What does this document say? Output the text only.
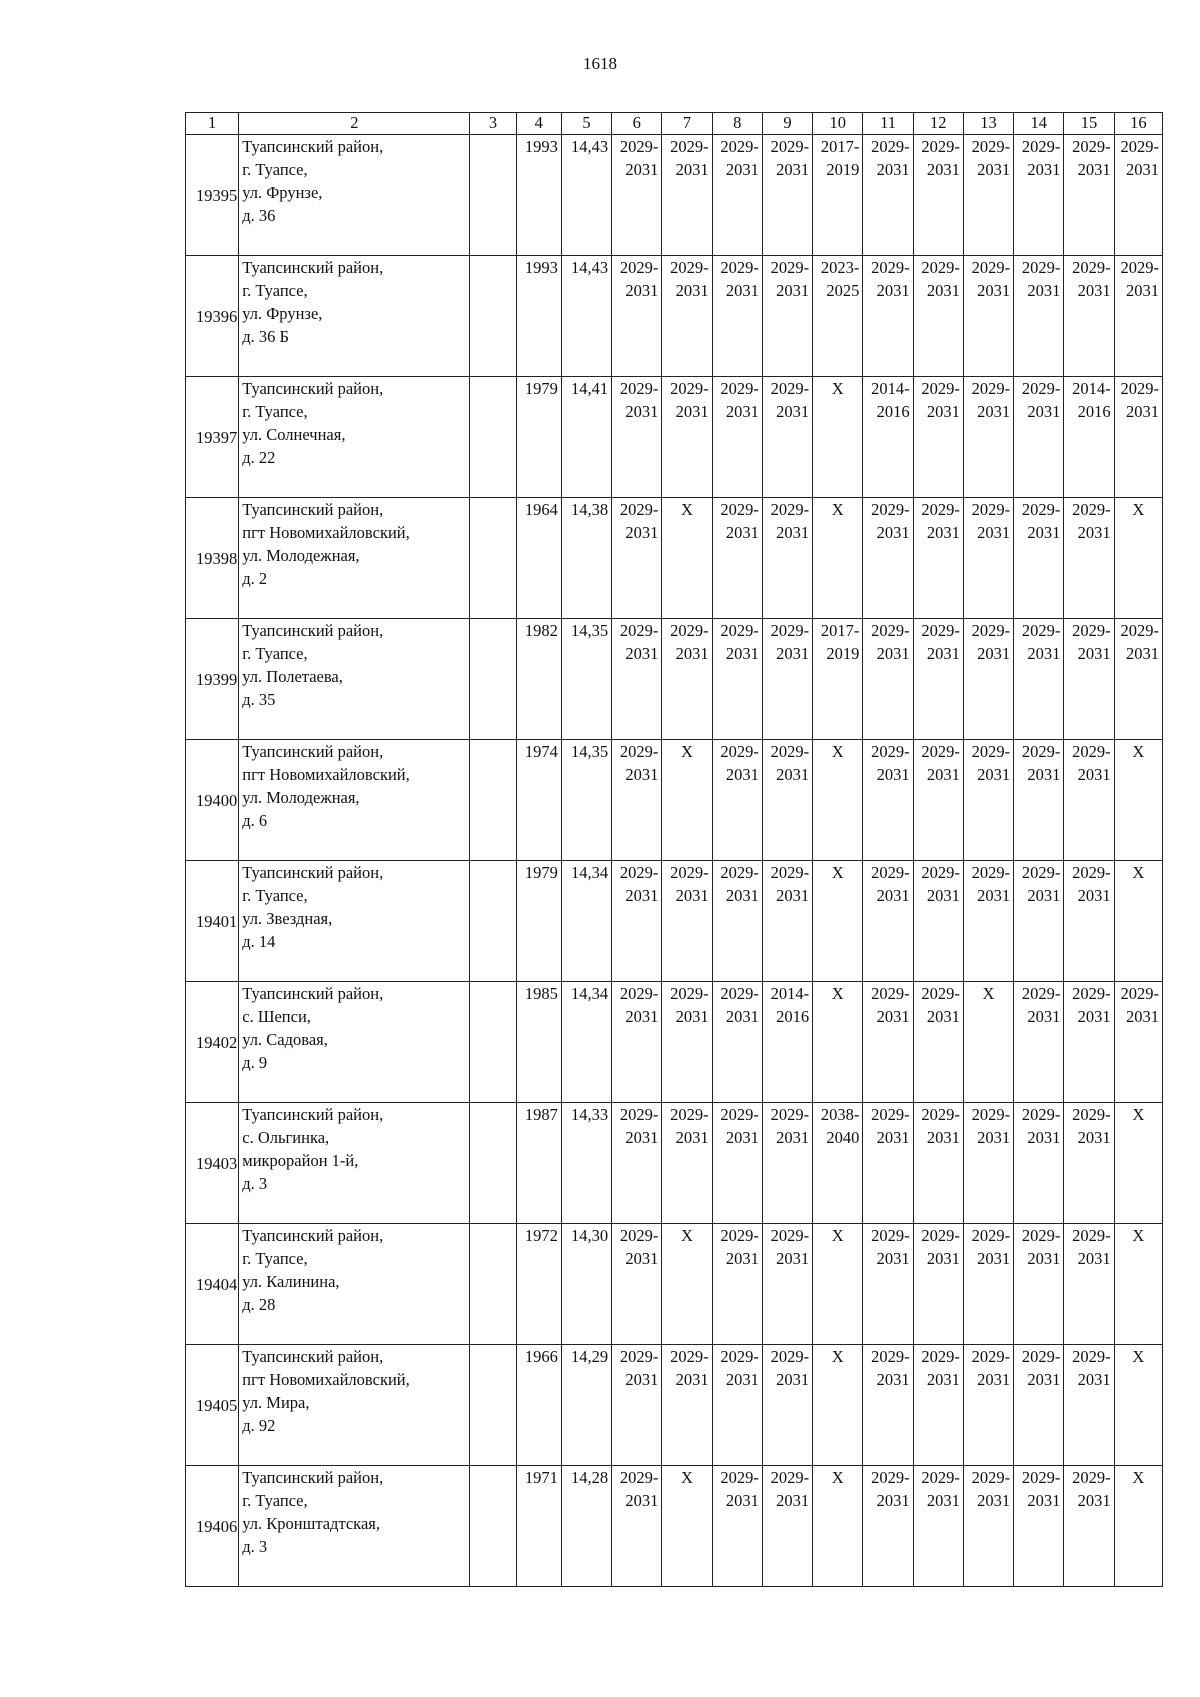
1618
1	2	3	4	5	6	7	8	9	10	11	12	13	14	15	16
19395	Туапсинский район,
г. Туапсе,
ул. Фрунзе,
д. 36		1993	14,43	2029-
2031	2029-
2031	2029-
2031	2029-
2031	2017-
2019	2029-
2031	2029-
2031	2029-
2031	2029-
2031	2029-
2031	2029-
2031

19396	Туапсинский район,
г. Туапсе,
ул. Фрунзе,
д. 36 Б		1993	14,43	2029-
2031	2029-
2031	2029-
2031	2029-
2031	2023-
2025	2029-
2031	2029-
2031	2029-
2031	2029-
2031	2029-
2031	2029-
2031

19397	Туапсинский район,
г. Туапсе,
ул. Солнечная,
д. 22		1979	14,41	2029-
2031	2029-
2031	2029-
2031	2029-
2031	X	2014-
2016	2029-
2031	2029-
2031	2029-
2031	2014-
2016	2029-
2031

19398	Туапсинский район,
пгт Новомихайловский,
ул. Молодежная,
д. 2		1964	14,38	2029-
2031	X	2029-
2031	2029-
2031	X	2029-
2031	2029-
2031	2029-
2031	2029-
2031	2029-
2031	X

19399	Туапсинский район,
г. Туапсе,
ул. Полетаева,
д. 35		1982	14,35	2029-
2031	2029-
2031	2029-
2031	2029-
2031	2017-
2019	2029-
2031	2029-
2031	2029-
2031	2029-
2031	2029-
2031	2029-
2031

19400	Туапсинский район,
пгт Новомихайловский,
ул. Молодежная,
д. 6		1974	14,35	2029-
2031	X	2029-
2031	2029-
2031	X	2029-
2031	2029-
2031	2029-
2031	2029-
2031	2029-
2031	X

19401	Туапсинский район,
г. Туапсе,
ул. Звездная,
д. 14		1979	14,34	2029-
2031	2029-
2031	2029-
2031	2029-
2031	X	2029-
2031	2029-
2031	2029-
2031	2029-
2031	2029-
2031	X

19402	Туапсинский район,
с. Шепси,
ул. Садовая,
д. 9		1985	14,34	2029-
2031	2029-
2031	2029-
2031	2014-
2016	X	2029-
2031	2029-
2031	X	2029-
2031	2029-
2031	2029-
2031

19403	Туапсинский район,
с. Ольгинка,
микрорайон 1-й,
д. 3		1987	14,33	2029-
2031	2029-
2031	2029-
2031	2029-
2031	2038-
2040	2029-
2031	2029-
2031	2029-
2031	2029-
2031	2029-
2031	X

19404	Туапсинский район,
г. Туапсе,
ул. Калинина,
д. 28		1972	14,30	2029-
2031	X	2029-
2031	2029-
2031	X	2029-
2031	2029-
2031	2029-
2031	2029-
2031	2029-
2031	X

19405	Туапсинский район,
пгт Новомихайловский,
ул. Мира,
д. 92		1966	14,29	2029-
2031	2029-
2031	2029-
2031	2029-
2031	X	2029-
2031	2029-
2031	2029-
2031	2029-
2031	2029-
2031	X

19406	Туапсинский район,
г. Туапсе,
ул. Кронштадтская,
д. 3		1971	14,28	2029-
2031	X	2029-
2031	2029-
2031	X	2029-
2031	2029-
2031	2029-
2031	2029-
2031	2029-
2031	X
